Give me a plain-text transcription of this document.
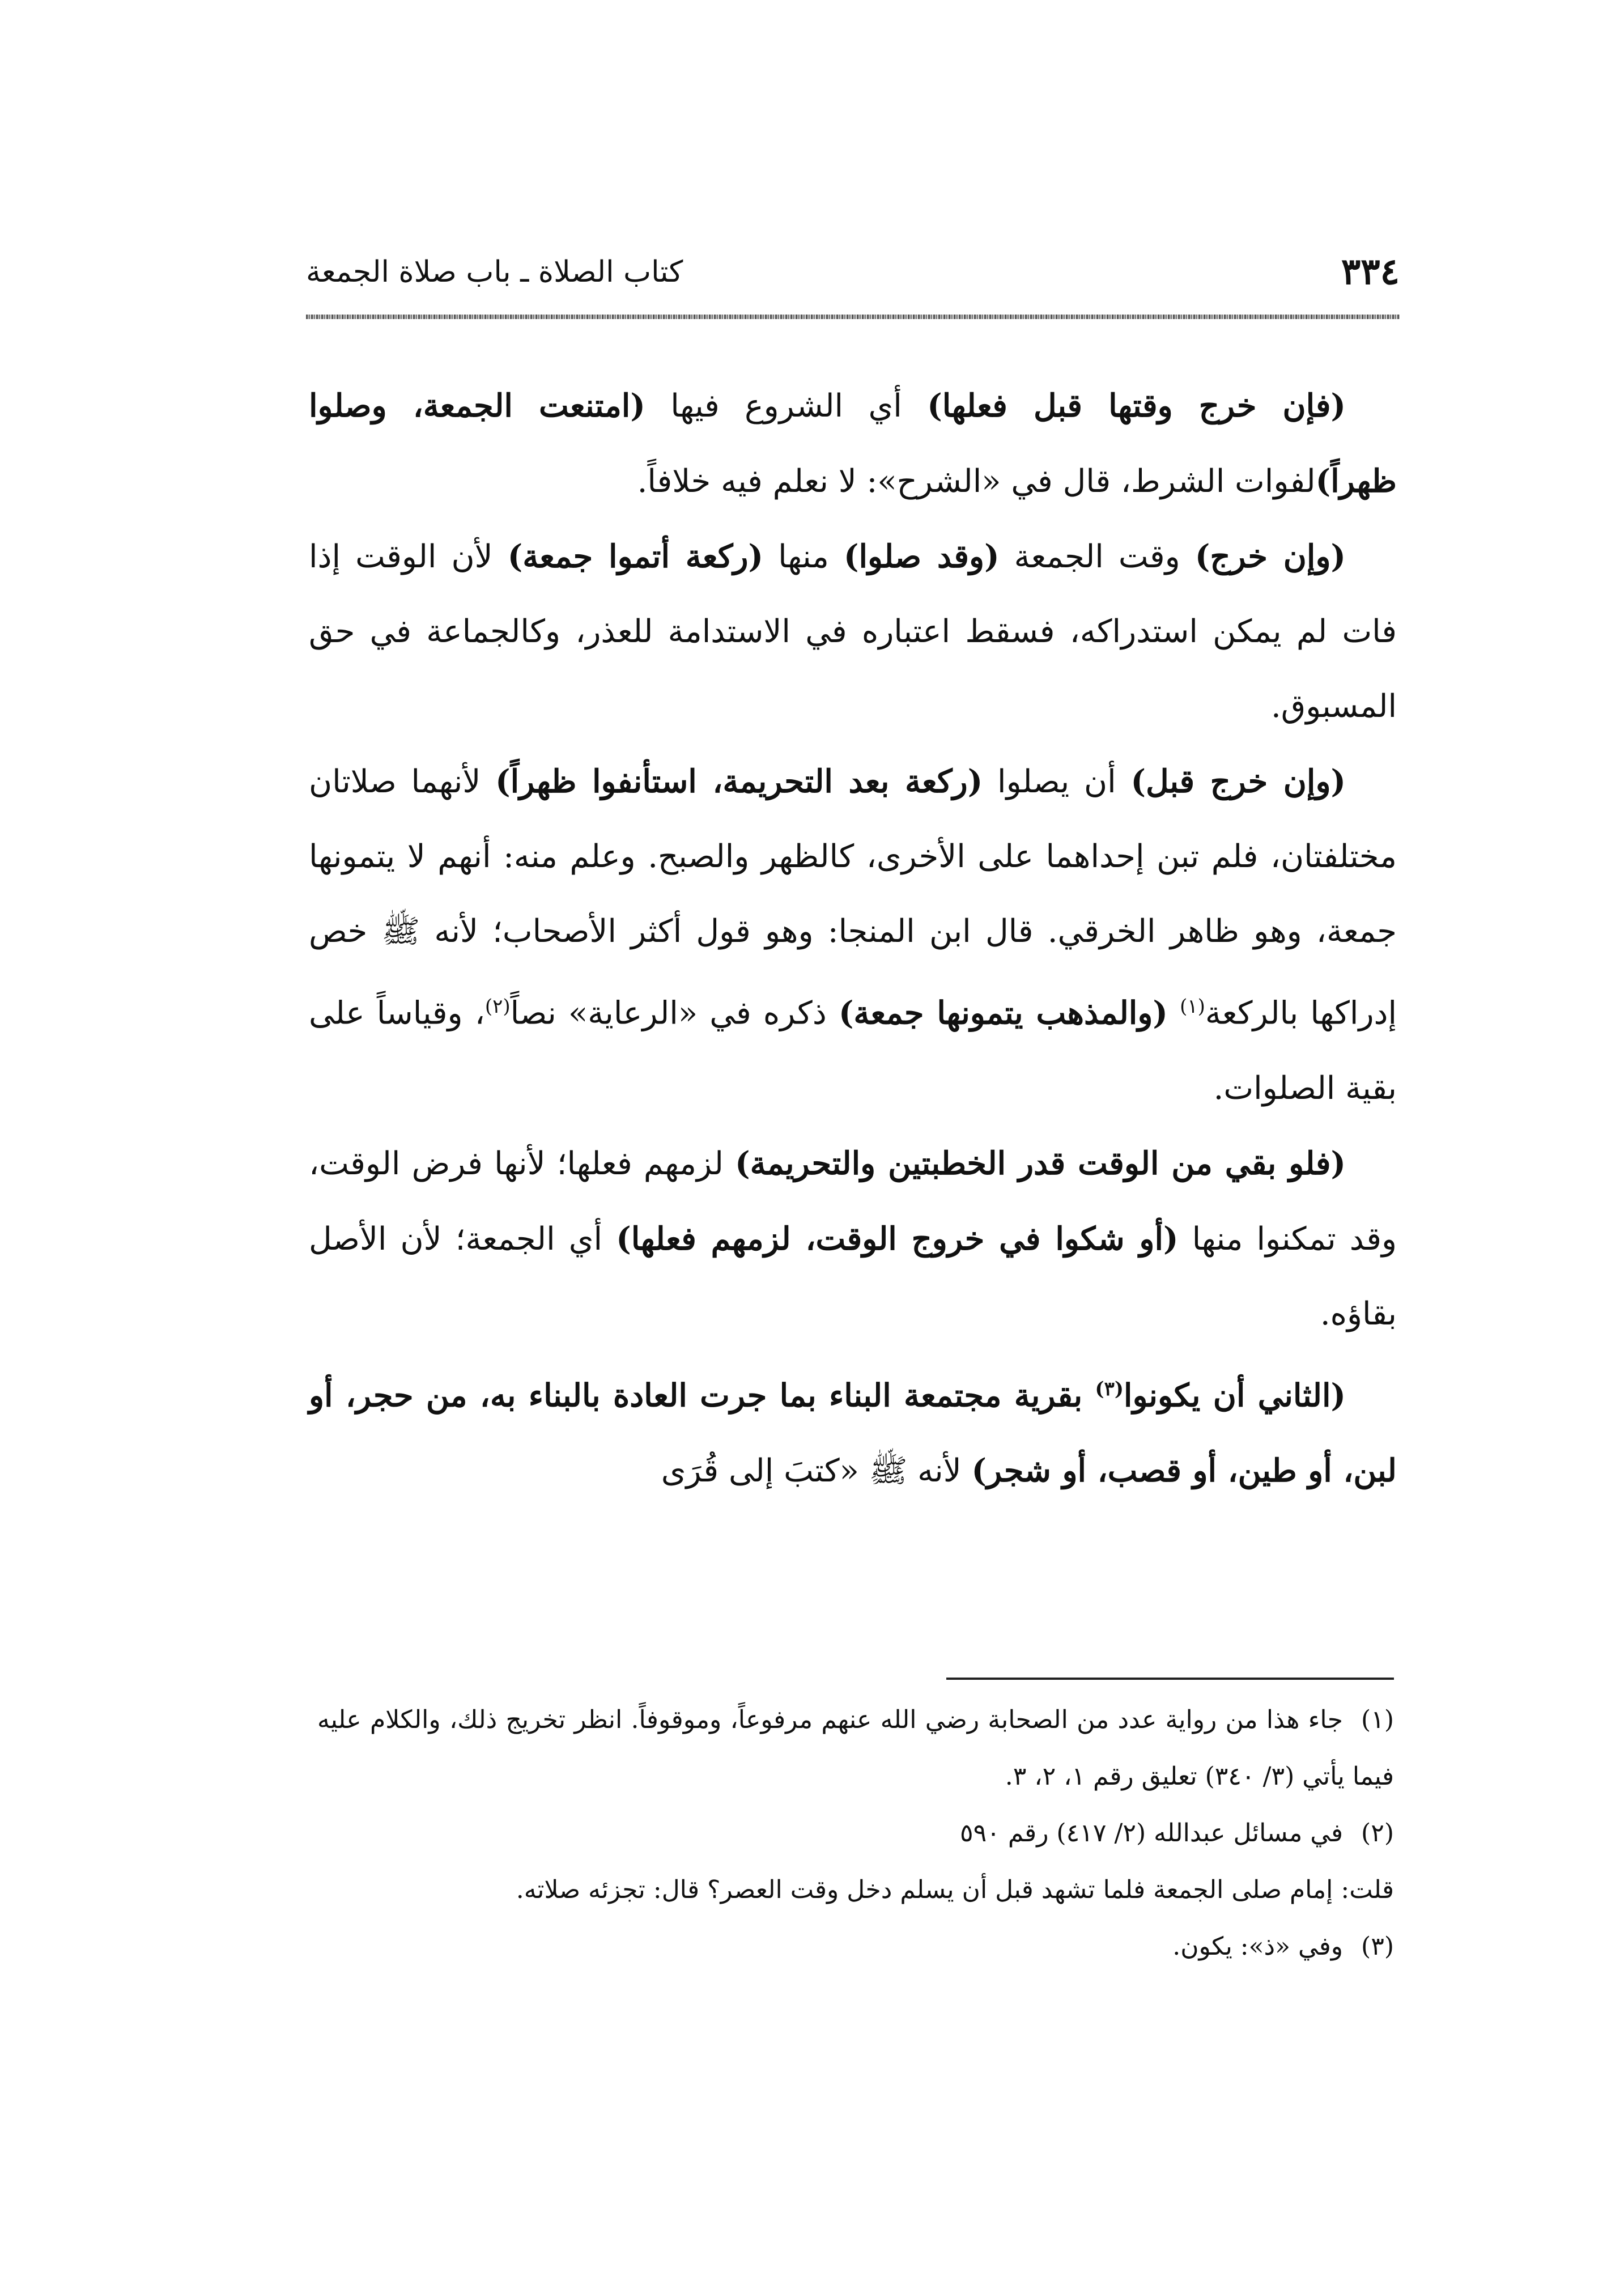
٣٣٤
كتاب الصلاة ـ باب صلاة الجمعة

(فإن خرج وقتها قبل فعلها) أي الشروع فيها (امتنعت الجمعة، وصلوا ظهراً)لفوات الشرط، قال في «الشرح»: لا نعلم فيه خلافاً.

(وإن خرج) وقت الجمعة (وقد صلوا) منها (ركعة أتموا جمعة) لأن الوقت إذا فات لم يمكن استدراكه، فسقط اعتباره في الاستدامة للعذر، وكالجماعة في حق المسبوق.

(وإن خرج قبل) أن يصلوا (ركعة بعد التحريمة، استأنفوا ظهراً) لأنهما صلاتان مختلفتان، فلم تبن إحداهما على الأخرى، كالظهر والصبح. وعلم منه: أنهم لا يتمونها جمعة، وهو ظاهر الخرقي. قال ابن المنجا: وهو قول أكثر الأصحاب؛ لأنه ﷺ خص إدراكها بالركعة$^{(١)}$ (والمذهب يتمونها جمعة) ذكره في «الرعاية» نصاً$^{(٢)}$، وقياساً على بقية الصلوات.

(فلو بقي من الوقت قدر الخطبتين والتحريمة) لزمهم فعلها؛ لأنها فرض الوقت، وقد تمكنوا منها (أو شكوا في خروج الوقت، لزمهم فعلها) أي الجمعة؛ لأن الأصل بقاؤه.

(الثاني أن يكونوا$^{(٣)}$ بقرية مجتمعة البناء بما جرت العادة بالبناء به، من حجر، أو لبن، أو طين، أو قصب، أو شجر) لأنه ﷺ «كتبَ إلى قُرَى

(١)جاء هذا من رواية عدد من الصحابة رضي الله عنهم مرفوعاً، وموقوفاً. انظر تخريج ذلك، والكلام عليه فيما يأتي (٣/ ٣٤٠) تعليق رقم ١، ٢، ٣.

(٢)في مسائل عبدالله (٢/ ٤١٧) رقم ٥٩٠

قلت: إمام صلى الجمعة فلما تشهد قبل أن يسلم دخل وقت العصر؟ قال: تجزئه صلاته.

(٣)وفي «ذ»: يكون.
